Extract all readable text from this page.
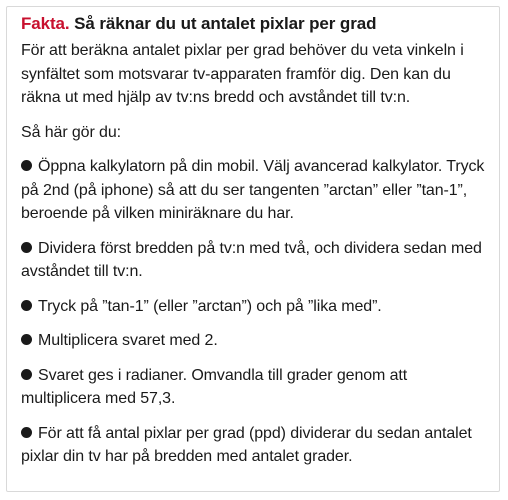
Fakta. Så räknar du ut antalet pixlar per grad

För att beräkna antalet pixlar per grad behöver du veta vinkeln i synfältet som motsvarar tv-apparaten framför dig. Den kan du räkna ut med hjälp av tv:ns bredd och avståndet till tv:n.

Så här gör du:

Öppna kalkylatorn på din mobil. Välj avancerad kalkylator. Tryck på 2nd (på iphone) så att du ser tangenten ”arctan” eller ”tan-1”, beroende på vilken miniräknare du har.

Dividera först bredden på tv:n med två, och dividera sedan med avståndet till tv:n.

Tryck på ”tan-1” (eller ”arctan”) och på ”lika med”.

Multiplicera svaret med 2.

Svaret ges i radianer. Omvandla till grader genom att multiplicera med 57,3.

För att få antal pixlar per grad (ppd) dividerar du sedan antalet pixlar din tv har på bredden med antalet grader.
